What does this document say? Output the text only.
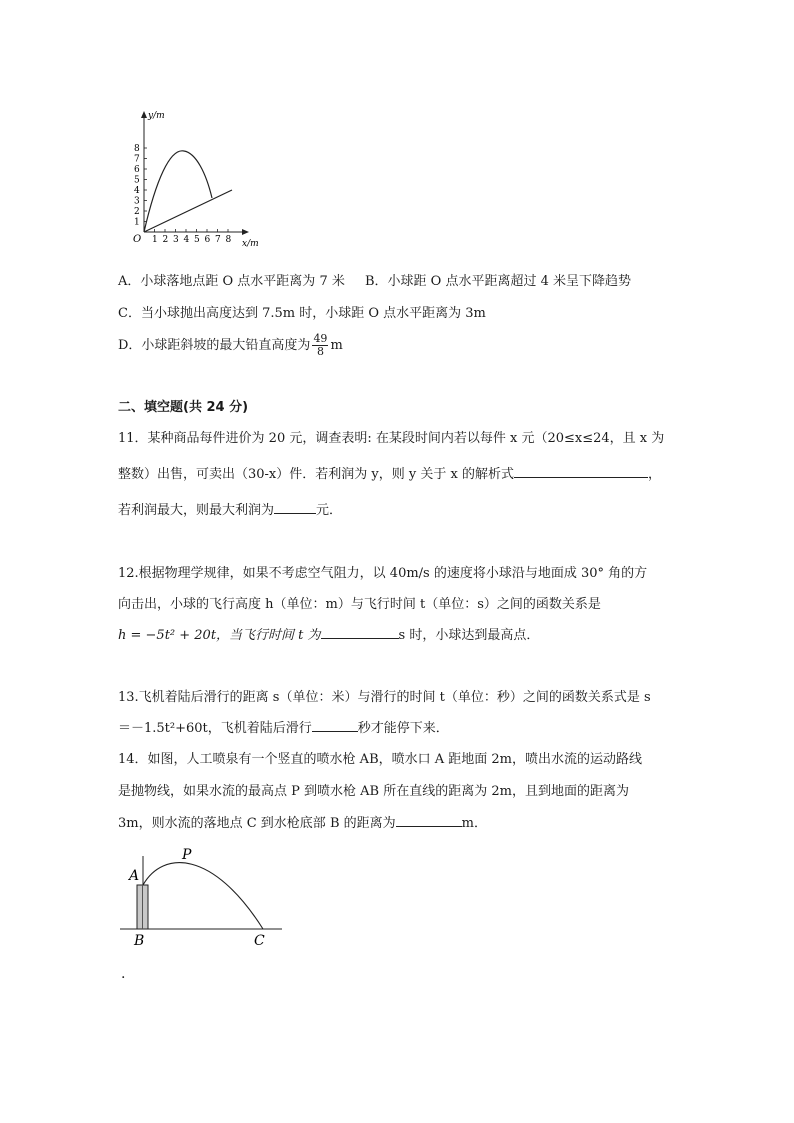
y/m
x/m
O
1
2
3
4
5
6
7
8
1 2 3 4 5 6 7 8
A．小球落地点距 O 点水平距离为 7 米 B．小球距 O 点水平距离超过 4 米呈下降趋势
C．当小球抛出高度达到 7.5m 时，小球距 O 点水平距离为 3m
D．小球距斜坡的最大铅直高度为 $\frac{49}{8}$ m
二、填空题(共 24 分)
11．某种商品每件进价为 20 元，调查表明: 在某段时间内若以每件 x 元（20≤x≤24，且 x 为
整数）出售，可卖出（30-x）件．若利润为 y，则 y 关于 x 的解析式	，
若利润最大，则最大利润为	元．
12.根据物理学规律，如果不考虑空气阻力，以 40m/s 的速度将小球沿与地面成 30° 角的方
向击出，小球的飞行高度 h（单位：m）与飞行时间 t（单位：s）之间的函数关系是
h = −5t² + 20t，当飞行时间 t 为	s 时，小球达到最高点．
13.飞机着陆后滑行的距离 s（单位：米）与滑行的时间 t（单位：秒）之间的函数关系式是 s
＝－1.5t²+60t，飞机着陆后滑行	秒才能停下来．
14．如图，人工喷泉有一个竖直的喷水枪 AB，喷水口 A 距地面 2m，喷出水流的运动路线
是抛物线，如果水流的最高点 P 到喷水枪 AB 所在直线的距离为 2m，且到地面的距离为
3m，则水流的落地点 C 到水枪底部 B 的距离为	m．
P
A
B	C
.
